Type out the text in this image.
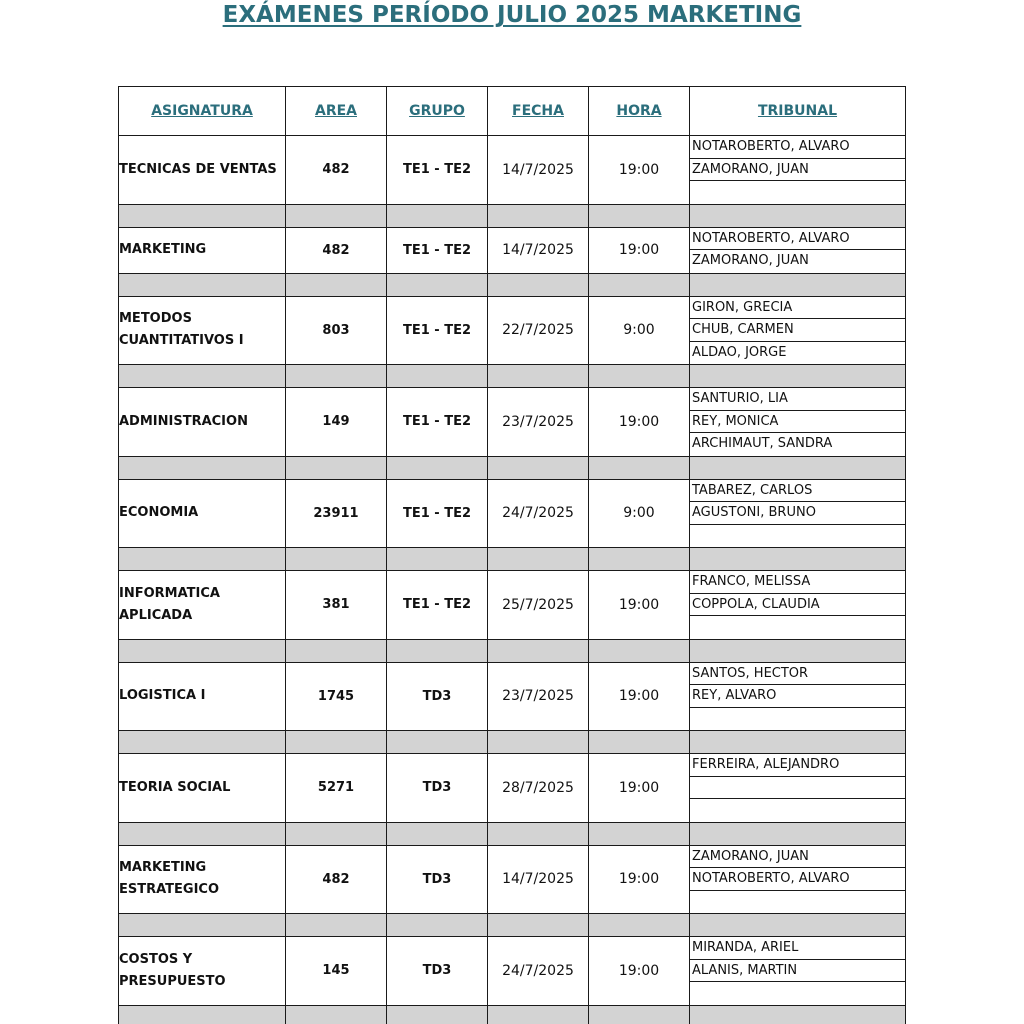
EXÁMENES PERÍODO JULIO 2025 MARKETING
ASIGNATURA	AREA	GRUPO	FECHA	HORA	TRIBUNAL
TECNICAS DE VENTAS	482	TE1 - TE2	14/7/2025	19:00	NOTAROBERTO, ALVARO
ZAMORANO, JUAN

MARKETING	482	TE1 - TE2	14/7/2025	19:00	NOTAROBERTO, ALVARO
ZAMORANO, JUAN

METODOS CUANTITATIVOS I	803	TE1 - TE2	22/7/2025	9:00	GIRON, GRECIA
CHUB, CARMEN
ALDAO, JORGE

ADMINISTRACION	149	TE1 - TE2	23/7/2025	19:00	SANTURIO, LIA
REY, MONICA
ARCHIMAUT, SANDRA

ECONOMIA	23911	TE1 - TE2	24/7/2025	9:00	TABAREZ, CARLOS
AGUSTONI, BRUNO

INFORMATICA APLICADA	381	TE1 - TE2	25/7/2025	19:00	FRANCO, MELISSA
COPPOLA, CLAUDIA

LOGISTICA I	1745	TD3	23/7/2025	19:00	SANTOS, HECTOR
REY, ALVARO

TEORIA SOCIAL	5271	TD3	28/7/2025	19:00	FERREIRA, ALEJANDRO

MARKETING ESTRATEGICO	482	TD3	14/7/2025	19:00	ZAMORANO, JUAN
NOTAROBERTO, ALVARO

COSTOS Y PRESUPUESTO	145	TD3	24/7/2025	19:00	MIRANDA, ARIEL
ALANIS, MARTIN
